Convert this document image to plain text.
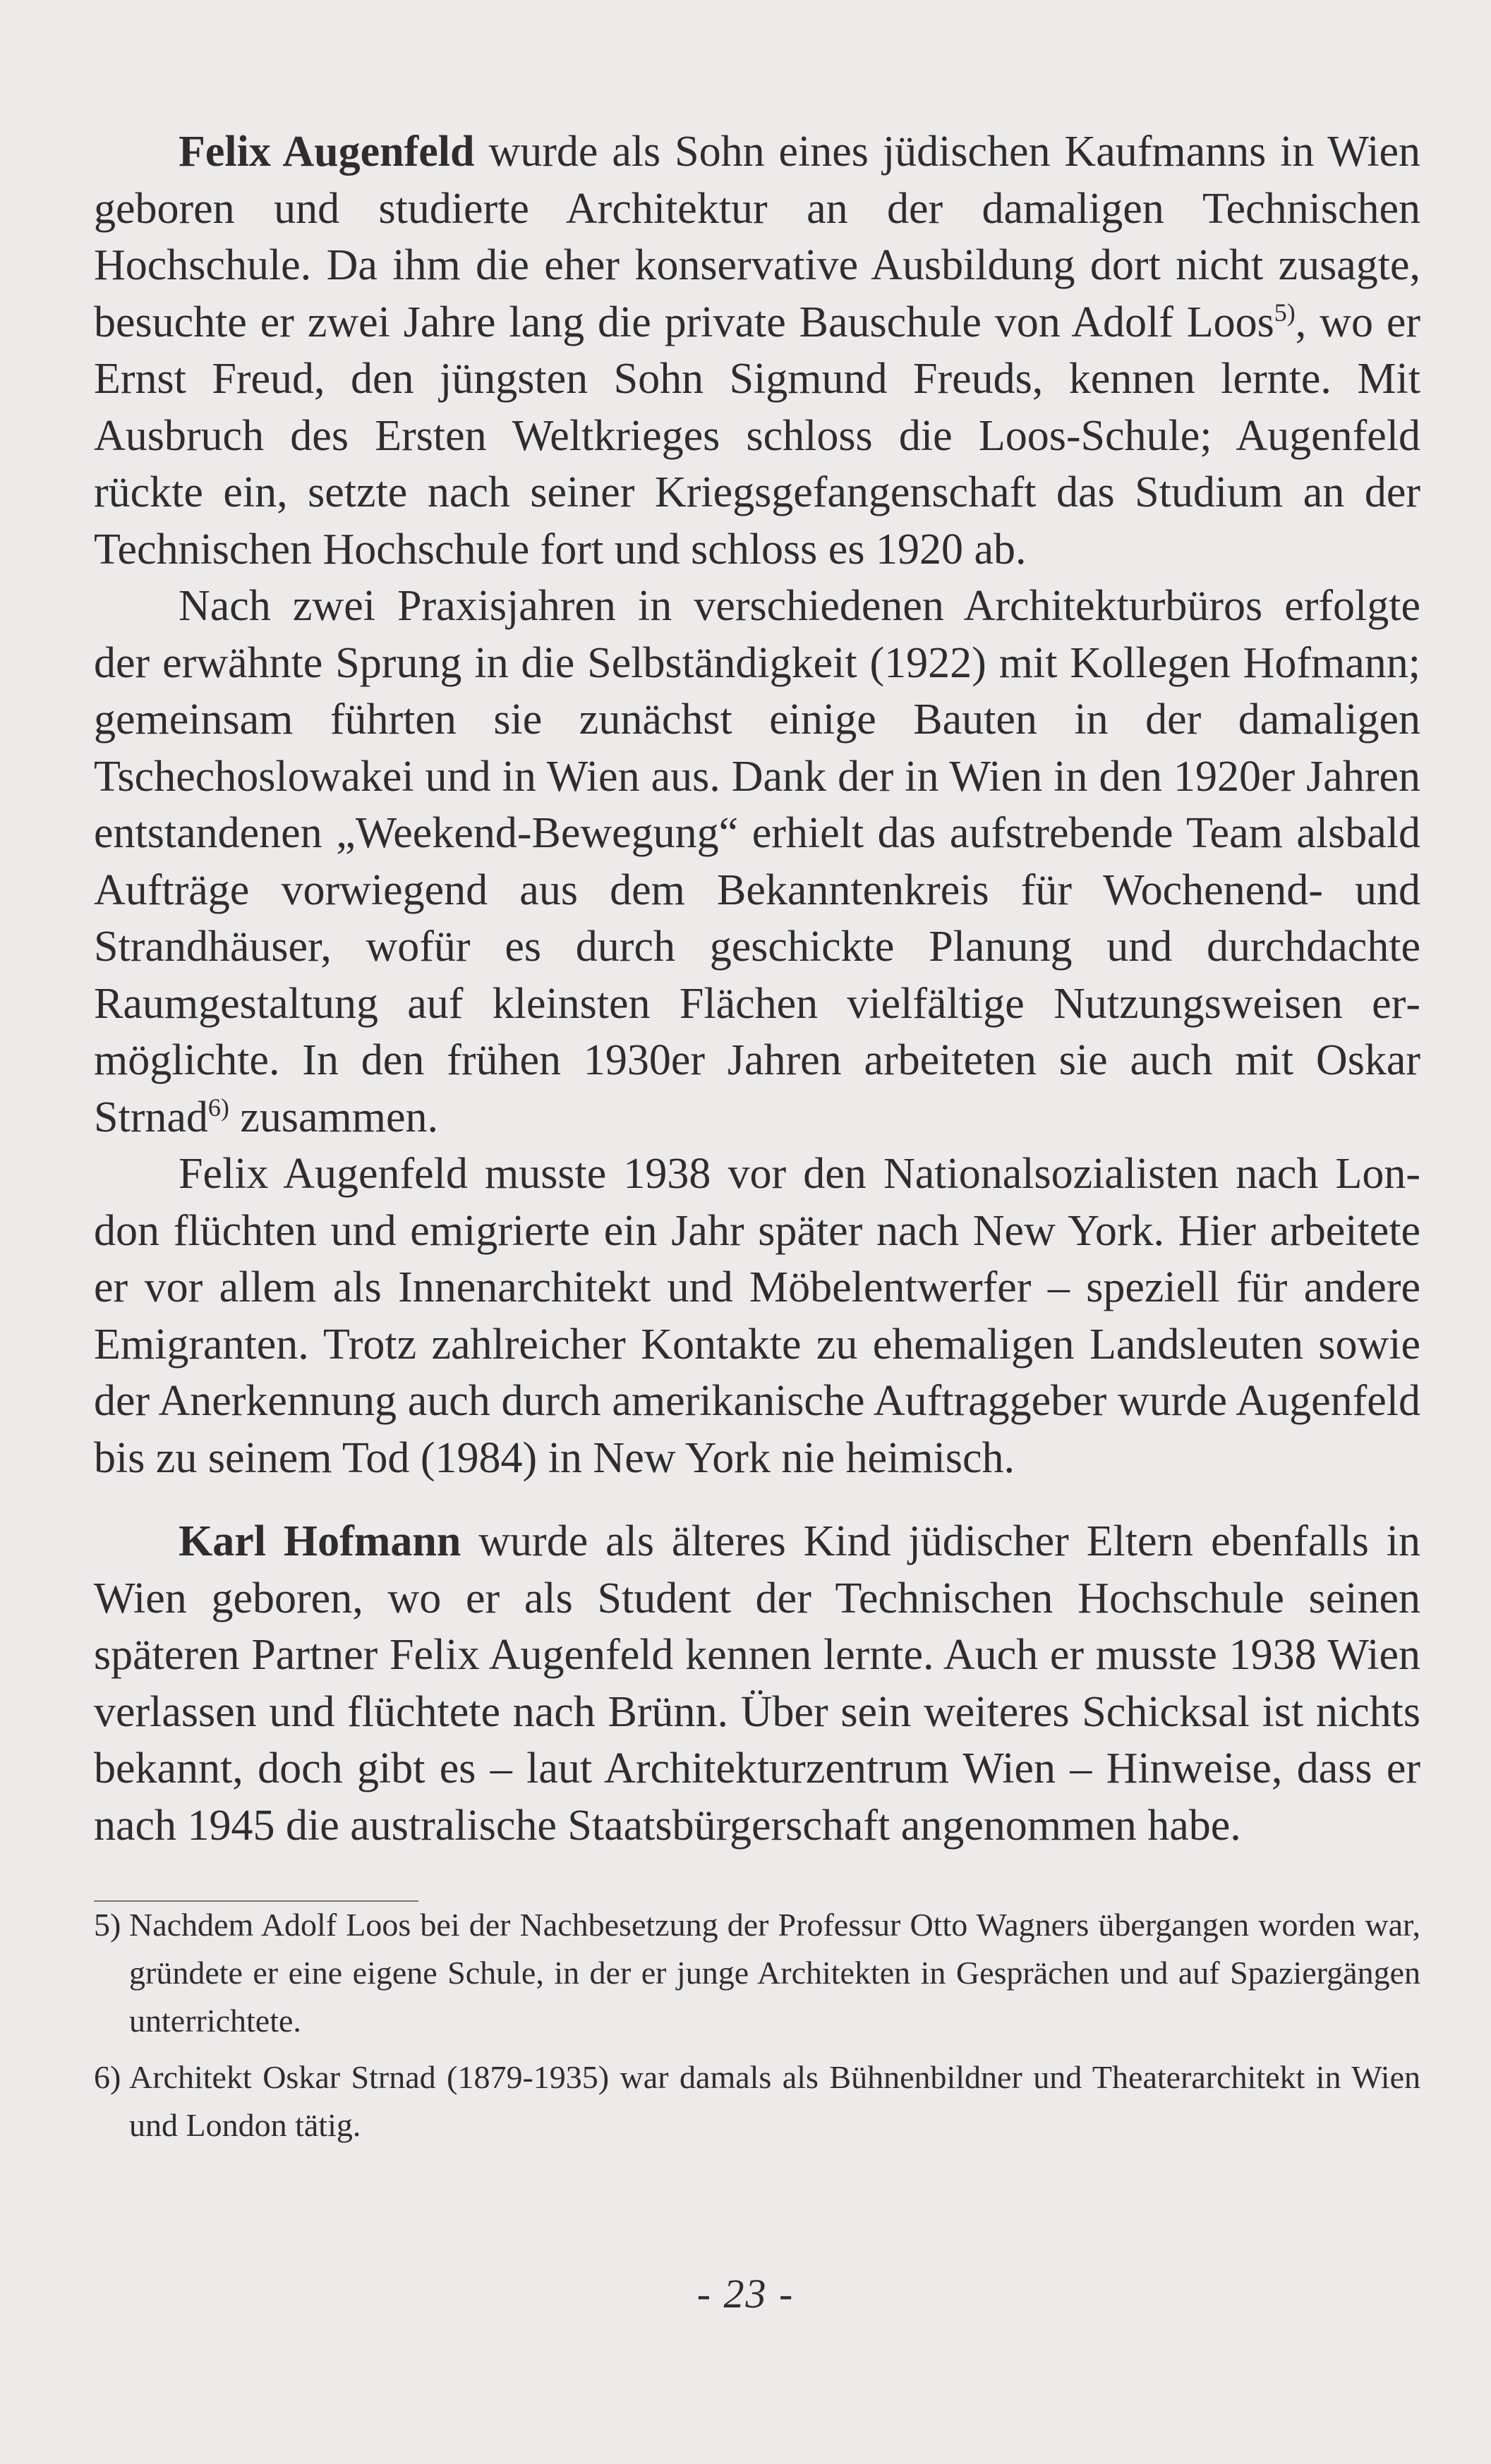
Felix Augenfeld wurde als Sohn eines jüdischen Kaufmanns in Wien geboren und studierte Architektur an der damaligen Technischen Hochschule. Da ihm die eher konservative Ausbildung dort nicht zusagte, besuchte er zwei Jahre lang die private Bauschule von Adolf Loos$^{5)}$, wo er Ernst Freud, den jüngsten Sohn Sigmund Freuds, kennen lernte. Mit Ausbruch des Ersten Weltkrieges schloss die Loos-Schule; Augenfeld rückte ein, setzte nach seiner Kriegsgefangenschaft das Studium an der Technischen Hochschule fort und schloss es 1920 ab.

Nach zwei Praxisjahren in verschiedenen Architekturbüros erfolgte der erwähnte Sprung in die Selbständigkeit (1922) mit Kollegen Hofmann; gemeinsam führten sie zunächst einige Bauten in der damaligen Tschechoslowakei und in Wien aus. Dank der in Wien in den 1920er Jahren entstandenen „Weekend-Bewegung“ erhielt das aufstrebende Team alsbald Aufträge vorwiegend aus dem Bekanntenkreis für Wochenend- und Strandhäuser, wofür es durch geschickte Planung und durchdachte Raumgestaltung auf kleinsten Flächen vielfältige Nutzungsweisen ermöglichte. In den frühen 1930er Jahren arbeiteten sie auch mit Oskar Strnad$^{6)}$ zusammen.

Felix Augenfeld musste 1938 vor den Nationalsozialisten nach London flüchten und emigrierte ein Jahr später nach New York. Hier arbeitete er vor allem als Innenarchitekt und Möbelentwerfer – speziell für andere Emigranten. Trotz zahlreicher Kontakte zu ehemaligen Landsleuten sowie der Anerkennung auch durch amerikanische Auftraggeber wurde Augenfeld bis zu seinem Tod (1984) in New York nie heimisch.

Karl Hofmann wurde als älteres Kind jüdischer Eltern ebenfalls in Wien geboren, wo er als Student der Technischen Hochschule seinen späteren Partner Felix Augenfeld kennen lernte. Auch er musste 1938 Wien verlassen und flüchtete nach Brünn. Über sein weiteres Schicksal ist nichts bekannt, doch gibt es – laut Architekturzentrum Wien – Hinweise, dass er nach 1945 die australische Staatsbürgerschaft angenommen habe.

5) Nachdem Adolf Loos bei der Nachbesetzung der Professur Otto Wagners übergangen worden war, gründete er eine eigene Schule, in der er junge Architekten in Gesprächen und auf Spaziergängen unterrichtete.
6) Architekt Oskar Strnad (1879-1935) war damals als Bühnenbildner und Theaterarchitekt in Wien und London tätig.
- 23 -
